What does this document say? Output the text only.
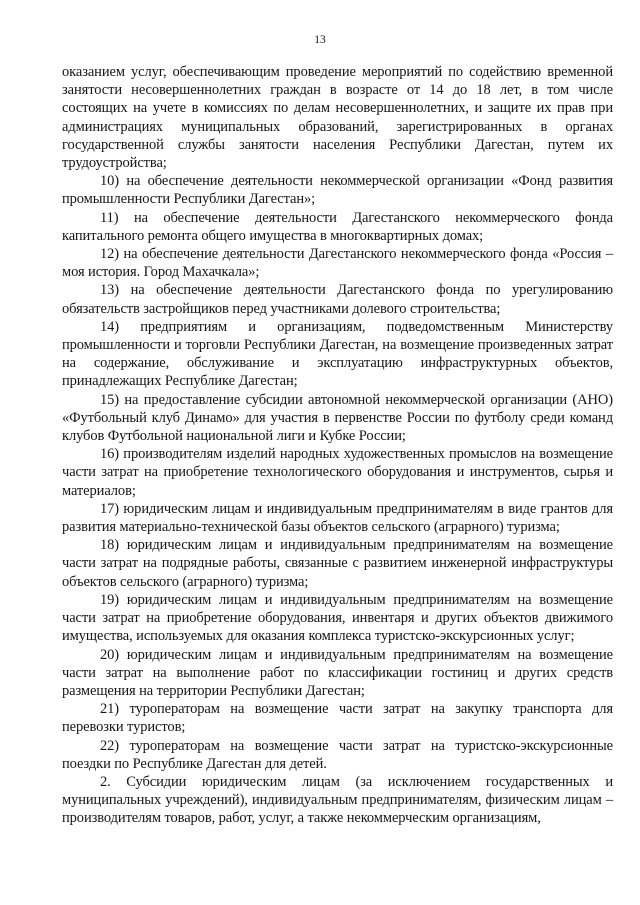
13

оказанием услуг, обеспечивающим проведение мероприятий по содействию временной занятости несовершеннолетних граждан в возрасте от 14 до 18 лет, в том числе состоящих на учете в комиссиях по делам несовершеннолетних, и защите их прав при администрациях муниципальных образований, зарегистрированных в органах государственной службы занятости населения Республики Дагестан, путем их трудоустройства;

10) на обеспечение деятельности некоммерческой организации «Фонд развития промышленности Республики Дагестан»;

11) на обеспечение деятельности Дагестанского некоммерческого фонда капитального ремонта общего имущества в многоквартирных домах;

12) на обеспечение деятельности Дагестанского некоммерческого фонда «Россия – моя история. Город Махачкала»;

13) на обеспечение деятельности Дагестанского фонда по урегулированию обязательств застройщиков перед участниками долевого строительства;

14) предприятиям и организациям, подведомственным Министерству промышленности и торговли Республики Дагестан, на возмещение произведенных затрат на содержание, обслуживание и эксплуатацию инфраструктурных объектов, принадлежащих Республике Дагестан;

15) на предоставление субсидии автономной некоммерческой организации (АНО) «Футбольный клуб Динамо» для участия в первенстве России по футболу среди команд клубов Футбольной национальной лиги и Кубке России;

16) производителям изделий народных художественных промыслов на возмещение части затрат на приобретение технологического оборудования и инструментов, сырья и материалов;

17) юридическим лицам и индивидуальным предпринимателям в виде грантов для развития материально-технической базы объектов сельского (аграрного) туризма;

18) юридическим лицам и индивидуальным предпринимателям на возмещение части затрат на подрядные работы, связанные с развитием инженерной инфраструктуры объектов сельского (аграрного) туризма;

19) юридическим лицам и индивидуальным предпринимателям на возмещение части затрат на приобретение оборудования, инвентаря и других объектов движимого имущества, используемых для оказания комплекса туристско-экскурсионных услуг;

20) юридическим лицам и индивидуальным предпринимателям на возмещение части затрат на выполнение работ по классификации гостиниц и других средств размещения на территории Республики Дагестан;

21) туроператорам на возмещение части затрат на закупку транспорта для перевозки туристов;

22) туроператорам на возмещение части затрат на туристско-экскурсионные поездки по Республике Дагестан для детей.

2. Субсидии юридическим лицам (за исключением государственных и муниципальных учреждений), индивидуальным предпринимателям, физическим лицам – производителям товаров, работ, услуг, а также некоммерческим организациям,
